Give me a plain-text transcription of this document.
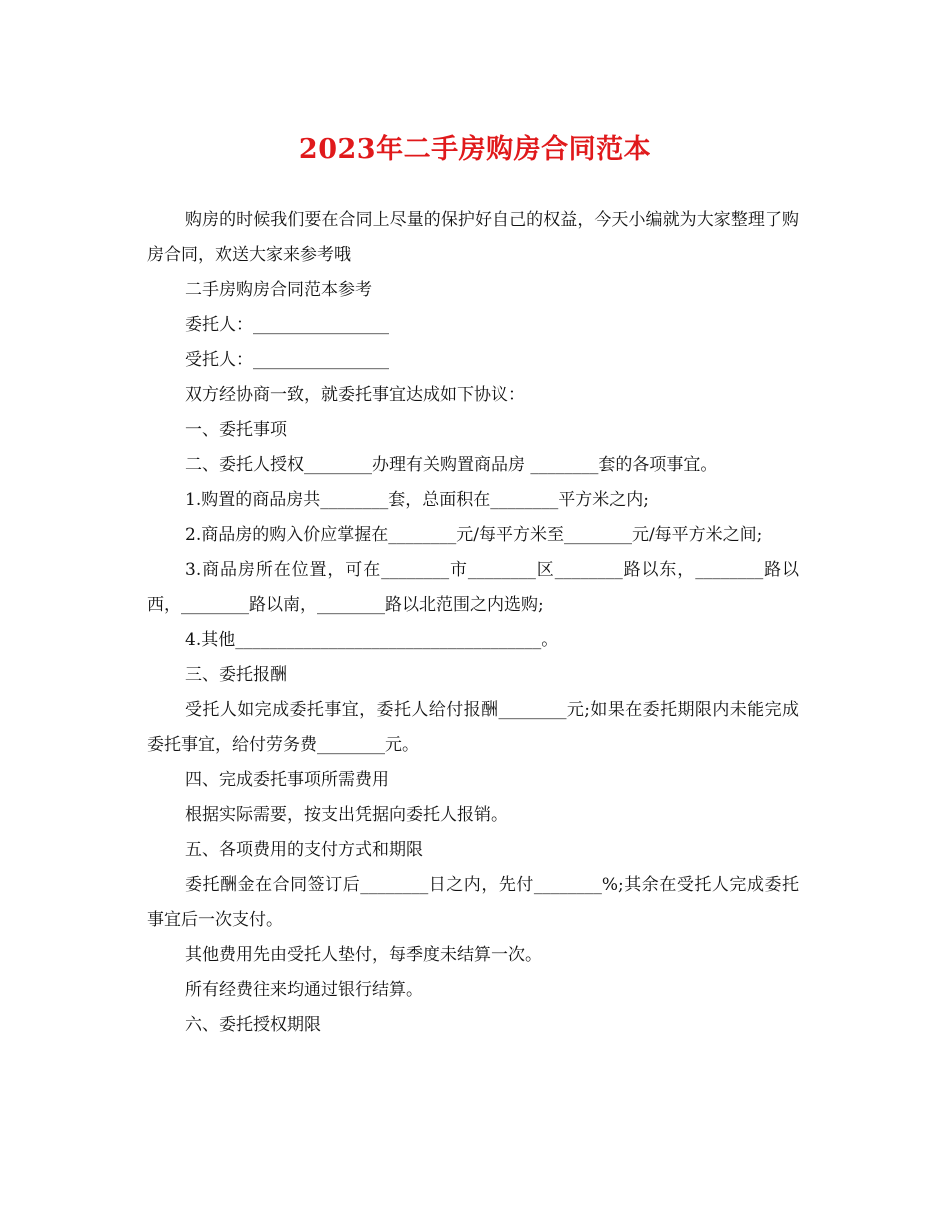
2023年二手房购房合同范本

购房的时候我们要在合同上尽量的保护好自己的权益，今天小编就为大家整理了购房合同，欢送大家来参考哦

二手房购房合同范本参考

委托人：________________

受托人：________________

双方经协商一致，就委托事宜达成如下协议：

一、委托事项

二、委托人授权________办理有关购置商品房 ________套的各项事宜。

1.购置的商品房共________套，总面积在________平方米之内;

2.商品房的购入价应掌握在________元/每平方米至________元/每平方米之间;

3.商品房所在位置，可在________市________区________路以东，________路以西，________路以南，________路以北范围之内选购;

4.其他____________________________________。

三、委托报酬

受托人如完成委托事宜，委托人给付报酬________元;如果在委托期限内未能完成委托事宜，给付劳务费________元。

四、完成委托事项所需费用

根据实际需要，按支出凭据向委托人报销。

五、各项费用的支付方式和期限

委托酬金在合同签订后________日之内，先付________%;其余在受托人完成委托事宜后一次支付。

其他费用先由受托人垫付，每季度未结算一次。

所有经费往来均通过银行结算。

六、委托授权期限
